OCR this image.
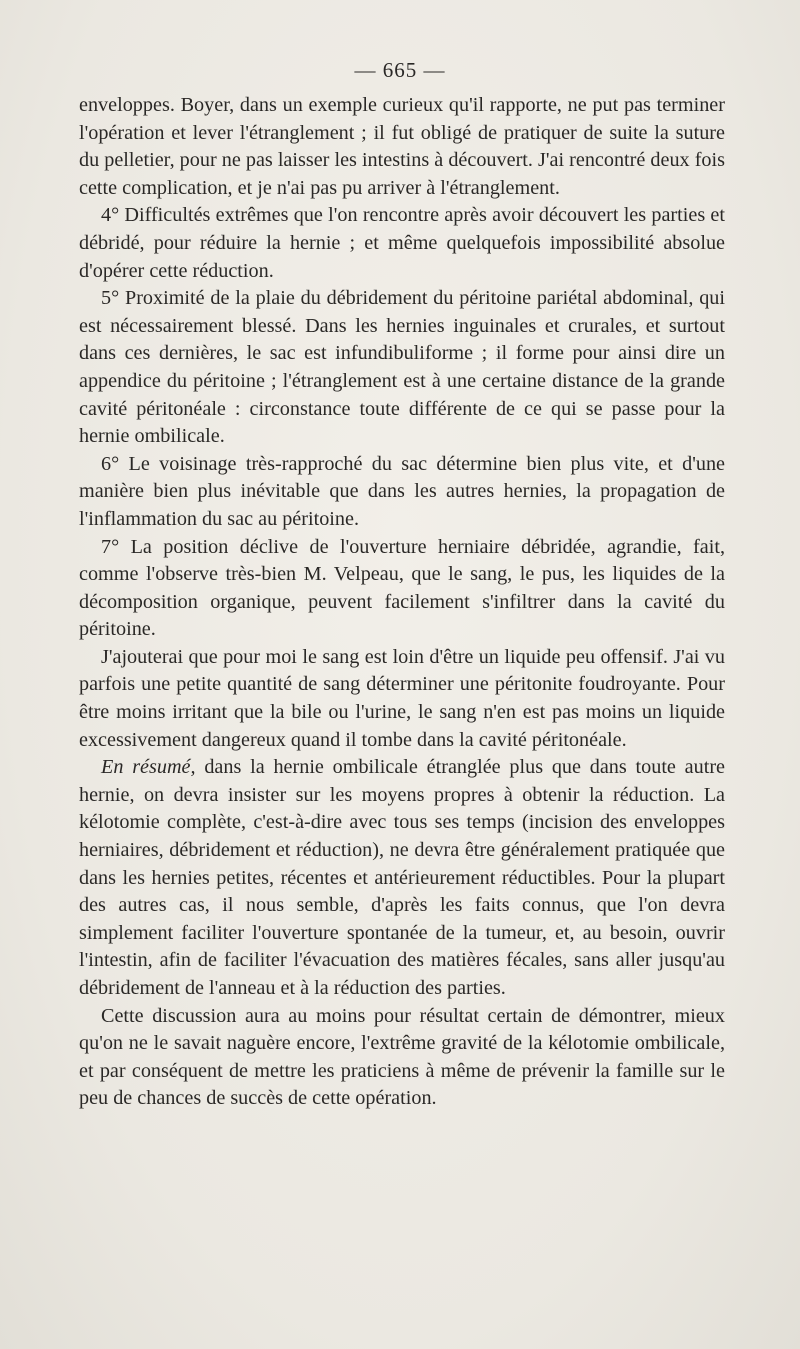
— 665 —

enveloppes. Boyer, dans un exemple curieux qu'il rapporte, ne put pas terminer l'opération et lever l'étranglement ; il fut obligé de pratiquer de suite la suture du pelletier, pour ne pas laisser les intestins à découvert. J'ai rencontré deux fois cette complication, et je n'ai pas pu arriver à l'étranglement.

4° Difficultés extrêmes que l'on rencontre après avoir découvert les parties et débridé, pour réduire la hernie ; et même quelquefois impossibilité absolue d'opérer cette réduction.

5° Proximité de la plaie du débridement du péritoine pariétal abdominal, qui est nécessairement blessé. Dans les hernies inguinales et crurales, et surtout dans ces dernières, le sac est infundibuliforme ; il forme pour ainsi dire un appendice du péritoine ; l'étranglement est à une certaine distance de la grande cavité péritonéale : circonstance toute différente de ce qui se passe pour la hernie ombilicale.

6° Le voisinage très-rapproché du sac détermine bien plus vite, et d'une manière bien plus inévitable que dans les autres hernies, la propagation de l'inflammation du sac au péritoine.

7° La position déclive de l'ouverture herniaire débridée, agrandie, fait, comme l'observe très-bien M. Velpeau, que le sang, le pus, les liquides de la décomposition organique, peuvent facilement s'infiltrer dans la cavité du péritoine.

J'ajouterai que pour moi le sang est loin d'être un liquide peu offensif. J'ai vu parfois une petite quantité de sang déterminer une péritonite foudroyante. Pour être moins irritant que la bile ou l'urine, le sang n'en est pas moins un liquide excessivement dangereux quand il tombe dans la cavité péritonéale.

En résumé, dans la hernie ombilicale étranglée plus que dans toute autre hernie, on devra insister sur les moyens propres à obtenir la réduction. La kélotomie complète, c'est-à-dire avec tous ses temps (incision des enveloppes herniaires, débridement et réduction), ne devra être généralement pratiquée que dans les hernies petites, récentes et antérieurement réductibles. Pour la plupart des autres cas, il nous semble, d'après les faits connus, que l'on devra simplement faciliter l'ouverture spontanée de la tumeur, et, au besoin, ouvrir l'intestin, afin de faciliter l'évacuation des matières fécales, sans aller jusqu'au débridement de l'anneau et à la réduction des parties.

Cette discussion aura au moins pour résultat certain de démontrer, mieux qu'on ne le savait naguère encore, l'extrême gravité de la kélotomie ombilicale, et par conséquent de mettre les praticiens à même de prévenir la famille sur le peu de chances de succès de cette opération.
